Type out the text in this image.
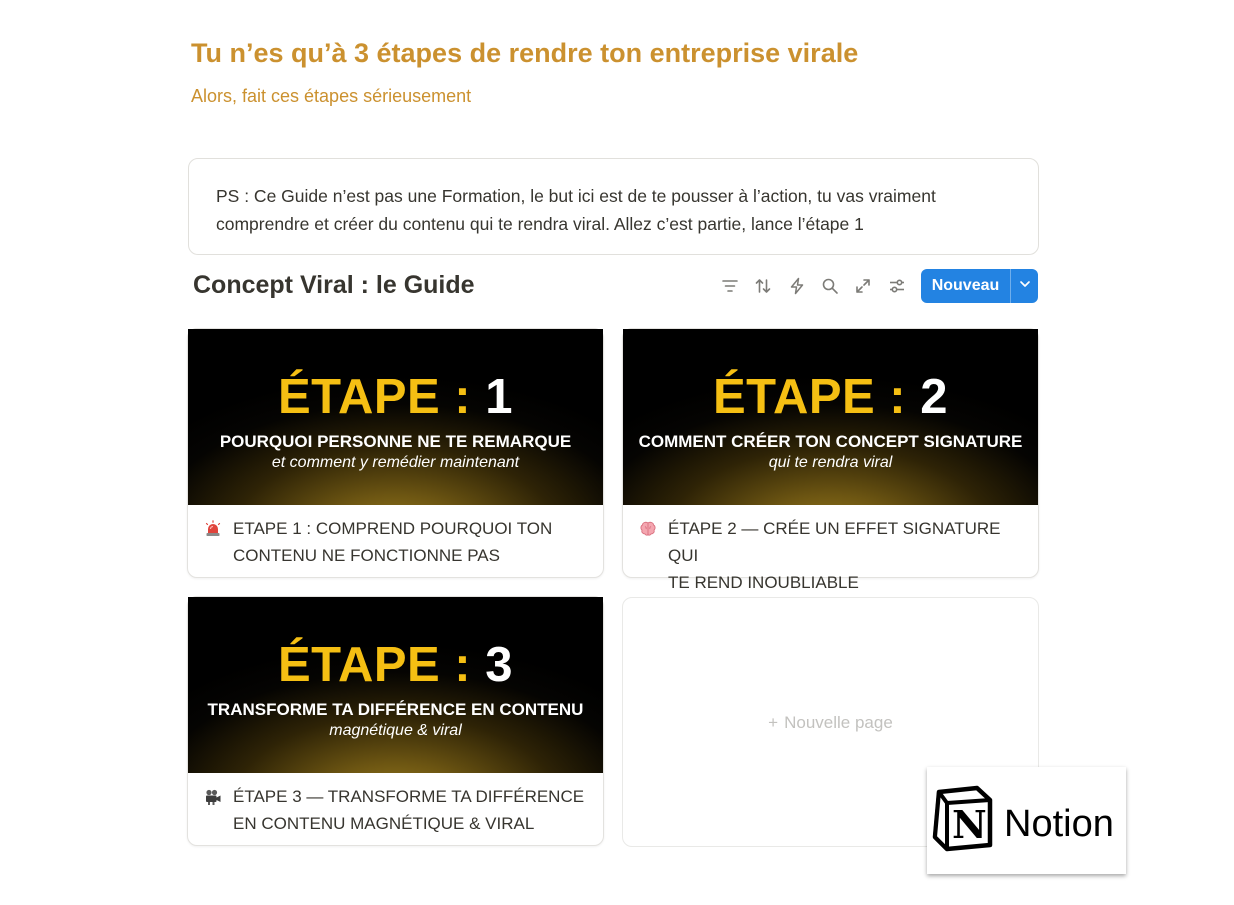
Tu n’es qu’à 3 étapes de rendre ton entreprise virale
Alors, fait ces étapes sérieusement
PS : Ce Guide n’est pas une Formation, le but ici est de te pousser à l’action, tu vas vraiment
comprendre et créer du contenu qui te rendra viral. Allez c’est partie, lance l’étape 1
Concept Viral : le Guide	Nouveau
ÉTAPE : 1
POURQUOI PERSONNE NE TE REMARQUE
et comment y remédier maintenant
ETAPE 1 : COMPREND POURQUOI TON
CONTENU NE FONCTIONNE PAS
ÉTAPE : 2
COMMENT CRÉER TON CONCEPT SIGNATURE
qui te rendra viral
ÉTAPE 2 — CRÉE UN EFFET SIGNATURE QUI
TE REND INOUBLIABLE
ÉTAPE : 3
TRANSFORME TA DIFFÉRENCE EN CONTENU
magnétique & viral
ÉTAPE 3 — TRANSFORME TA DIFFÉRENCE
EN CONTENU MAGNÉTIQUE & VIRAL
+ Nouvelle page
N Notion
